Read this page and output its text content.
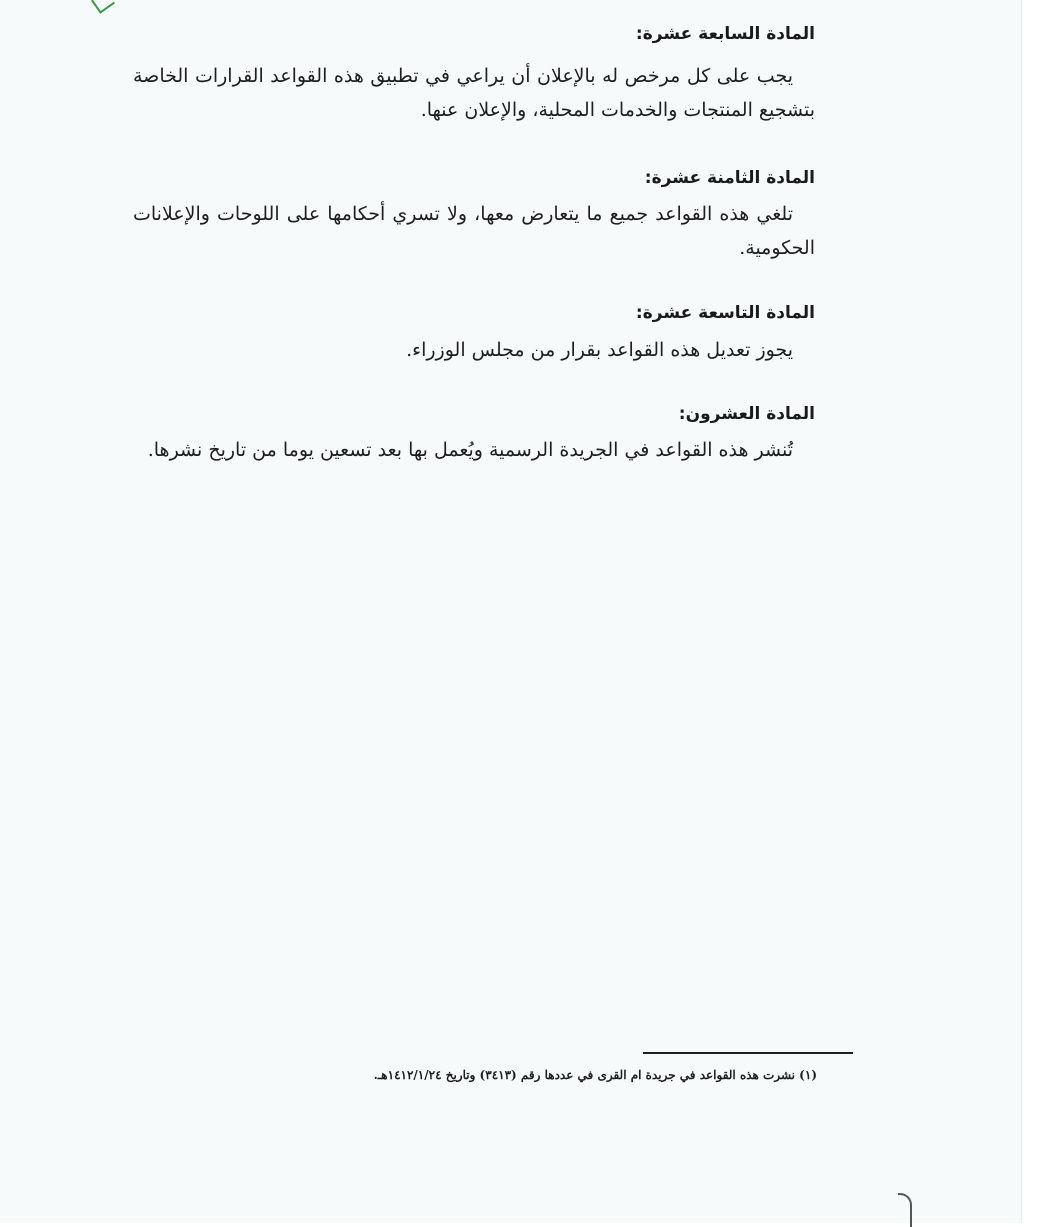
المادة السابعة عشرة:
يجب على كل مرخص له بالإعلان أن يراعي في تطبيق هذه القواعد القرارات الخاصة بتشجيع المنتجات والخدمات المحلية، والإعلان عنها.
المادة الثامنة عشرة:
تلغي هذه القواعد جميع ما يتعارض معها، ولا تسري أحكامها على اللوحات والإعلانات الحكومية.
المادة التاسعة عشرة:
يجوز تعديل هذه القواعد بقرار من مجلس الوزراء.
المادة العشرون:
تُنشر هذه القواعد في الجريدة الرسمية ويُعمل بها بعد تسعين يوما من تاريخ نشرها.
(١) نشرت هذه القواعد في جريدة ام القرى في عددها رقم (٣٤١٣) وتاريخ ١٤١٢/١/٢٤هـ.
